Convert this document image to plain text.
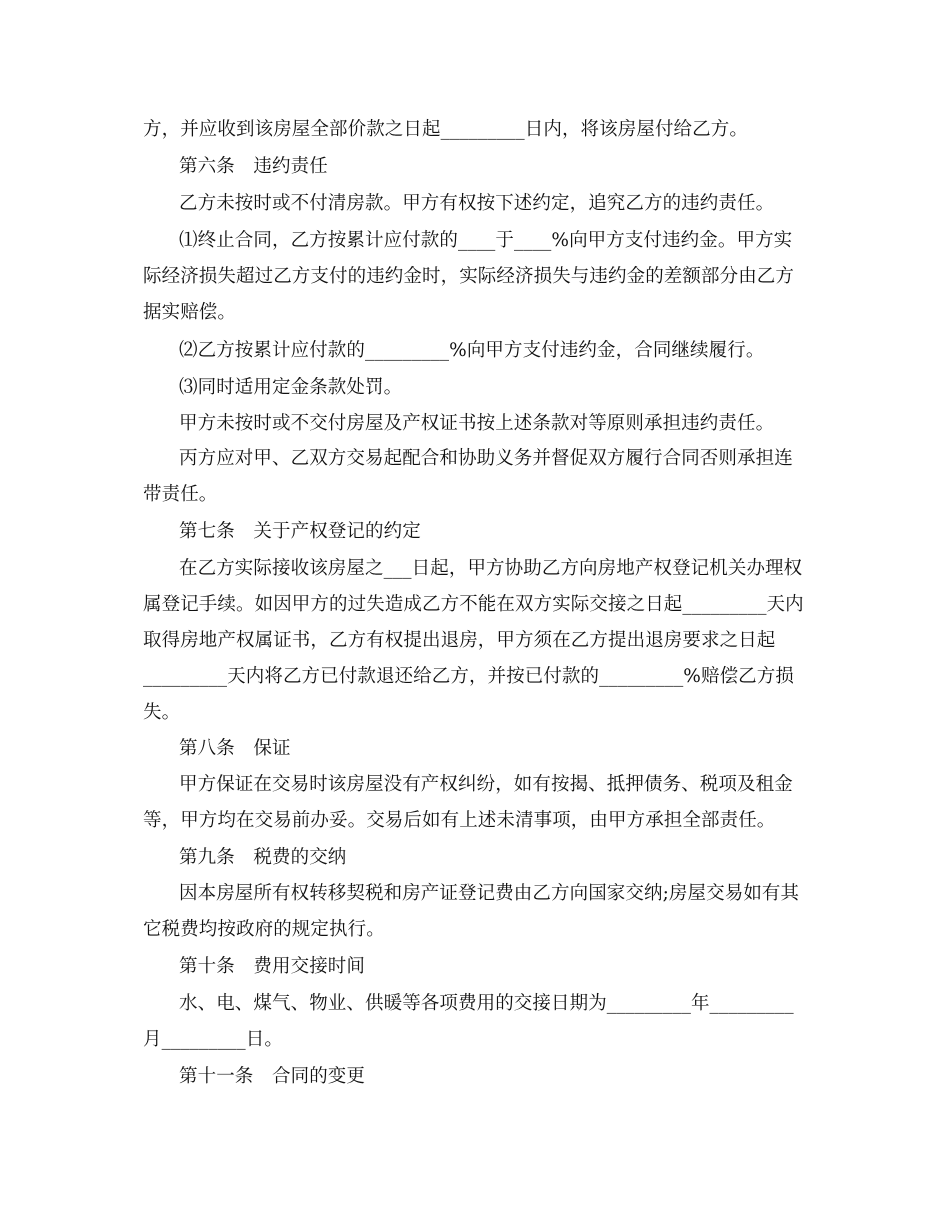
方，并应收到该房屋全部价款之日起_________日内，将该房屋付给乙方。
第六条　违约责任
乙方未按时或不付清房款。甲方有权按下述约定，追究乙方的违约责任。
⑴终止合同，乙方按累计应付款的____于____%向甲方支付违约金。甲方实
际经济损失超过乙方支付的违约金时，实际经济损失与违约金的差额部分由乙方
据实赔偿。
⑵乙方按累计应付款的_________%向甲方支付违约金，合同继续履行。
⑶同时适用定金条款处罚。
甲方未按时或不交付房屋及产权证书按上述条款对等原则承担违约责任。
丙方应对甲、乙双方交易起配合和协助义务并督促双方履行合同否则承担连
带责任。
第七条　关于产权登记的约定
在乙方实际接收该房屋之___日起，甲方协助乙方向房地产权登记机关办理权
属登记手续。如因甲方的过失造成乙方不能在双方实际交接之日起_________天内
取得房地产权属证书，乙方有权提出退房，甲方须在乙方提出退房要求之日起
_________天内将乙方已付款退还给乙方，并按已付款的_________%赔偿乙方损
失。
第八条　保证
甲方保证在交易时该房屋没有产权纠纷，如有按揭、抵押债务、税项及租金
等，甲方均在交易前办妥。交易后如有上述未清事项，由甲方承担全部责任。
第九条　税费的交纳
因本房屋所有权转移契税和房产证登记费由乙方向国家交纳;房屋交易如有其
它税费均按政府的规定执行。
第十条　费用交接时间
水、电、煤气、物业、供暖等各项费用的交接日期为_________年_________
月_________日。
第十一条　合同的变更
